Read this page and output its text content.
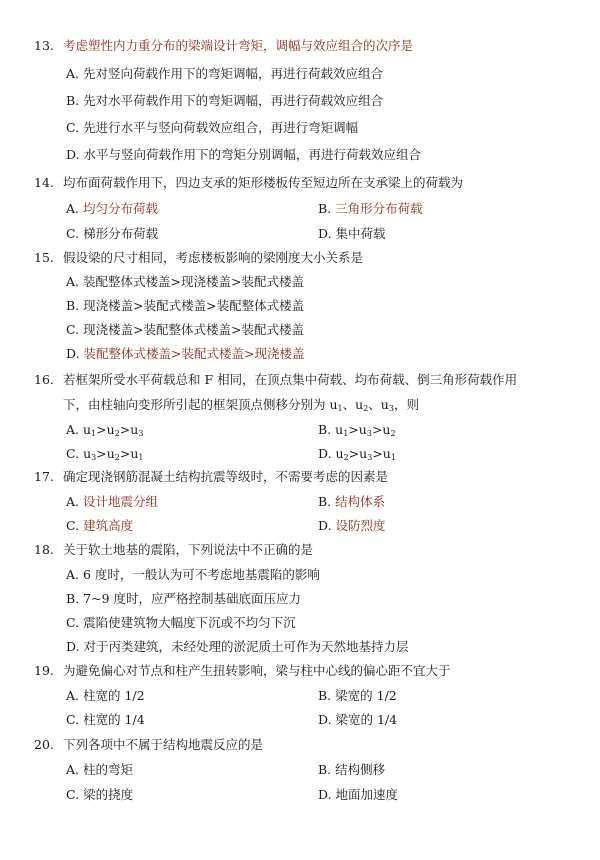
13. 考虑塑性内力重分布的梁端设计弯矩，调幅与效应组合的次序是
A. 先对竖向荷载作用下的弯矩调幅，再进行荷载效应组合
B. 先对水平荷载作用下的弯矩调幅，再进行荷载效应组合
C. 先进行水平与竖向荷载效应组合，再进行弯矩调幅
D. 水平与竖向荷载作用下的弯矩分别调幅，再进行荷载效应组合
14. 均布面荷载作用下，四边支承的矩形楼板传至短边所在支承梁上的荷载为
A. 均匀分布荷载	B. 三角形分布荷载
C. 梯形分布荷载	D. 集中荷载
15. 假设梁的尺寸相同，考虑楼板影响的梁刚度大小关系是
A. 装配整体式楼盖>现浇楼盖>装配式楼盖
B. 现浇楼盖>装配式楼盖>装配整体式楼盖
C. 现浇楼盖>装配整体式楼盖>装配式楼盖
D. 装配整体式楼盖>装配式楼盖>现浇楼盖
16. 若框架所受水平荷载总和 F 相同，在顶点集中荷载、均布荷载、倒三角形荷载作用
下，由柱轴向变形所引起的框架顶点侧移分别为 $u_1$、$u_2$、$u_3$，则
A. $u_1>u_2>u_3$	B. $u_1>u_3>u_2$
C. $u_3>u_2>u_1$	D. $u_2>u_3>u_1$
17. 确定现浇钢筋混凝土结构抗震等级时，不需要考虑的因素是
A. 设计地震分组	B. 结构体系
C. 建筑高度	D. 设防烈度
18. 关于软土地基的震陷，下列说法中不正确的是
A. 6 度时，一般认为可不考虑地基震陷的影响
B. 7~9 度时，应严格控制基础底面压应力
C. 震陷使建筑物大幅度下沉或不均匀下沉
D. 对于丙类建筑，未经处理的淤泥质土可作为天然地基持力层
19. 为避免偏心对节点和柱产生扭转影响，梁与柱中心线的偏心距不宜大于
A. 柱宽的 1/2	B. 梁宽的 1/2
C. 柱宽的 1/4	D. 梁宽的 1/4
20. 下列各项中不属于结构地震反应的是
A. 柱的弯矩	B. 结构侧移
C. 梁的挠度	D. 地面加速度
